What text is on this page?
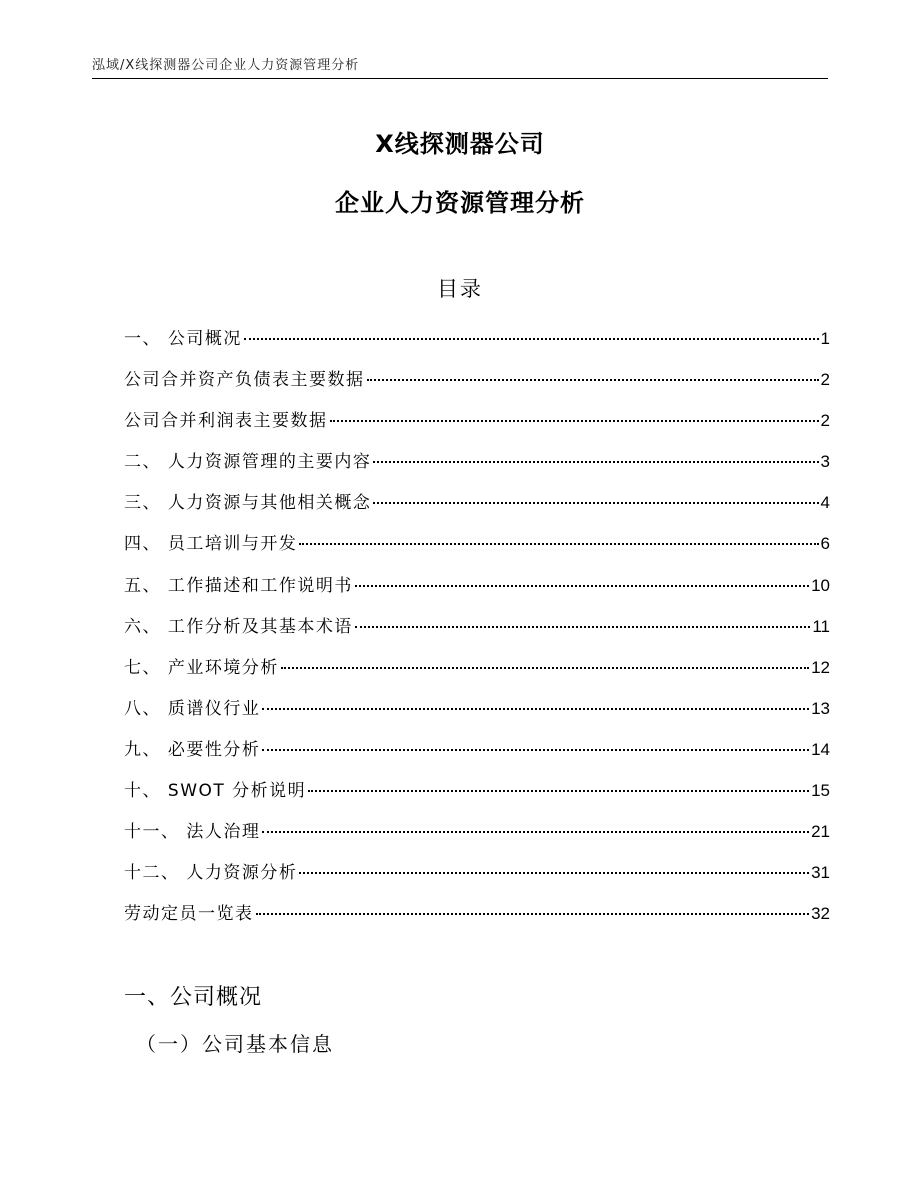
泓域/X线探测器公司企业人力资源管理分析
X线探测器公司
企业人力资源管理分析
目录
一、 公司概况	1
公司合并资产负债表主要数据	2
公司合并利润表主要数据	2
二、 人力资源管理的主要内容	3
三、 人力资源与其他相关概念	4
四、 员工培训与开发	6
五、 工作描述和工作说明书	10
六、 工作分析及其基本术语	11
七、 产业环境分析	12
八、 质谱仪行业	13
九、 必要性分析	14
十、 SWOT 分析说明	15
十一、 法人治理	21
十二、 人力资源分析	31
劳动定员一览表	32
一、公司概况
（一）公司基本信息
